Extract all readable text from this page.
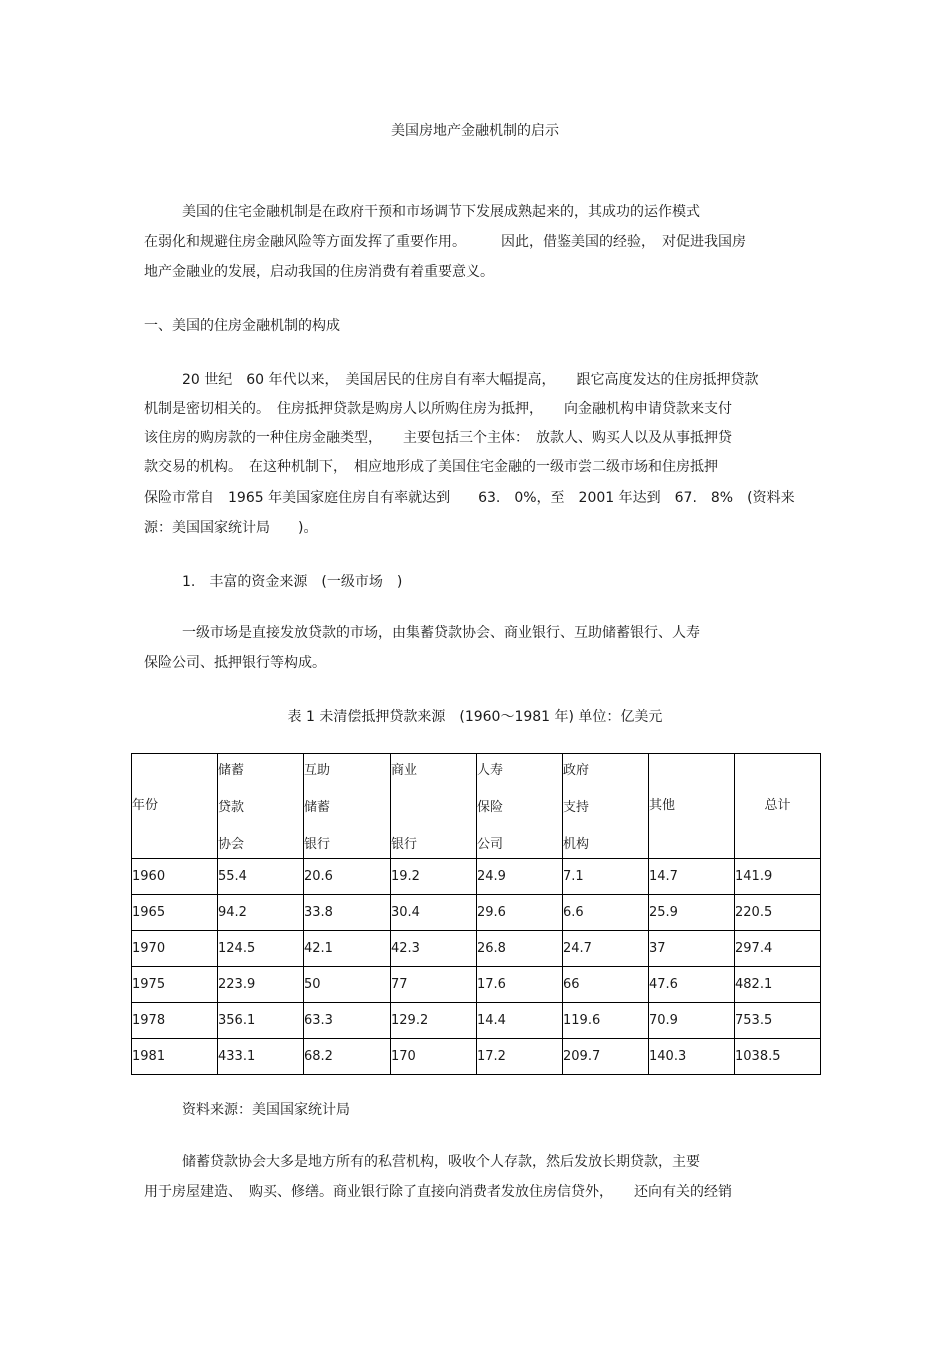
美国房地产金融机制的启示
美国的住宅金融机制是在政府干预和市场调节下发展成熟起来的，其成功的运作模式
在弱化和规避住房金融风险等方面发挥了重要作用。　　　因此，借鉴美国的经验，　对促进我国房
地产金融业的发展，启动我国的住房消费有着重要意义。
一、美国的住房金融机制的构成
20 世纪　60 年代以来，　美国居民的住房自有率大幅提高，　　跟它高度发达的住房抵押贷款
机制是密切相关的。　住房抵押贷款是购房人以所购住房为抵押，　　向金融机构申请贷款来支付
该住房的购房款的一种住房金融类型，　　主要包括三个主体：　放款人、购买人以及从事抵押贷
款交易的机构。　在这种机制下，　相应地形成了美国住宅金融的一级市尝二级市场和住房抵押
保险市常自　1965 年美国家庭住房自有率就达到　　63.　0%，至　2001 年达到　67.　8%　(资料来
源：美国国家统计局　　)。
1.　丰富的资金来源　(一级市场　)
一级市场是直接发放贷款的市场，由集蓄贷款协会、商业银行、互助储蓄银行、人寿
保险公司、抵押银行等构成。
表 1 未清偿抵押贷款来源　(1960～1981 年) 单位：亿美元
年份	储蓄
贷款
协会	互助
储蓄
银行	商业
银行	人寿
保险
公司	政府
支持
机构	其他	总计

1960	55.4	20.6	19.2	24.9	7.1	14.7	141.9
1965	94.2	33.8	30.4	29.6	6.6	25.9	220.5
1970	124.5	42.1	42.3	26.8	24.7	37	297.4
1975	223.9	50	77	17.6	66	47.6	482.1
1978	356.1	63.3	129.2	14.4	119.6	70.9	753.5
1981	433.1	68.2	170	17.2	209.7	140.3	1038.5
资料来源：美国国家统计局
储蓄贷款协会大多是地方所有的私营机构，吸收个人存款，然后发放长期贷款，主要
用于房屋建造、　购买、修缮。商业银行除了直接向消费者发放住房信贷外，　　还向有关的经销
